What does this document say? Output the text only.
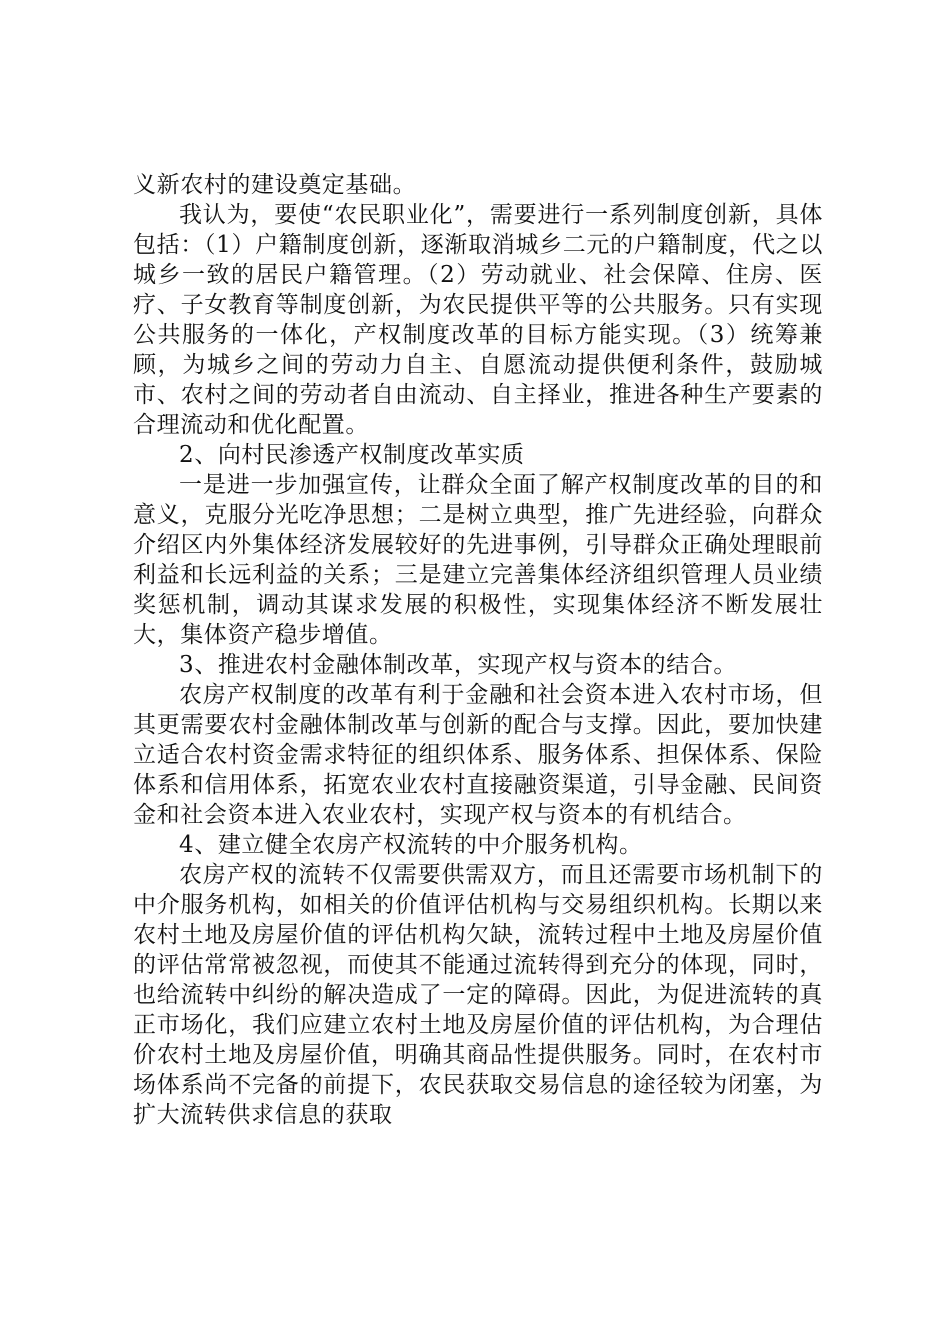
义新农村的建设奠定基础。

我认为，要使“农民职业化”，需要进行一系列制度创新，具体包括：（1）户籍制度创新，逐渐取消城乡二元的户籍制度，代之以城乡一致的居民户籍管理。（2）劳动就业、社会保障、住房、医疗、子女教育等制度创新，为农民提供平等的公共服务。只有实现公共服务的一体化，产权制度改革的目标方能实现。（3）统筹兼顾，为城乡之间的劳动力自主、自愿流动提供便利条件，鼓励城市、农村之间的劳动者自由流动、自主择业，推进各种生产要素的合理流动和优化配置。

2、向村民渗透产权制度改革实质

一是进一步加强宣传，让群众全面了解产权制度改革的目的和意义，克服分光吃净思想；二是树立典型，推广先进经验，向群众介绍区内外集体经济发展较好的先进事例，引导群众正确处理眼前利益和长远利益的关系；三是建立完善集体经济组织管理人员业绩奖惩机制，调动其谋求发展的积极性，实现集体经济不断发展壮大，集体资产稳步增值。

3、推进农村金融体制改革，实现产权与资本的结合。

农房产权制度的改革有利于金融和社会资本进入农村市场，但其更需要农村金融体制改革与创新的配合与支撑。因此，要加快建立适合农村资金需求特征的组织体系、服务体系、担保体系、保险体系和信用体系，拓宽农业农村直接融资渠道，引导金融、民间资金和社会资本进入农业农村，实现产权与资本的有机结合。

4、建立健全农房产权流转的中介服务机构。

农房产权的流转不仅需要供需双方，而且还需要市场机制下的中介服务机构，如相关的价值评估机构与交易组织机构。长期以来农村土地及房屋价值的评估机构欠缺，流转过程中土地及房屋价值的评估常常被忽视，而使其不能通过流转得到充分的体现，同时，也给流转中纠纷的解决造成了一定的障碍。因此，为促进流转的真正市场化，我们应建立农村土地及房屋价值的评估机构，为合理估价农村土地及房屋价值，明确其商品性提供服务。同时，在农村市场体系尚不完备的前提下，农民获取交易信息的途径较为闭塞，为扩大流转供求信息的获取
